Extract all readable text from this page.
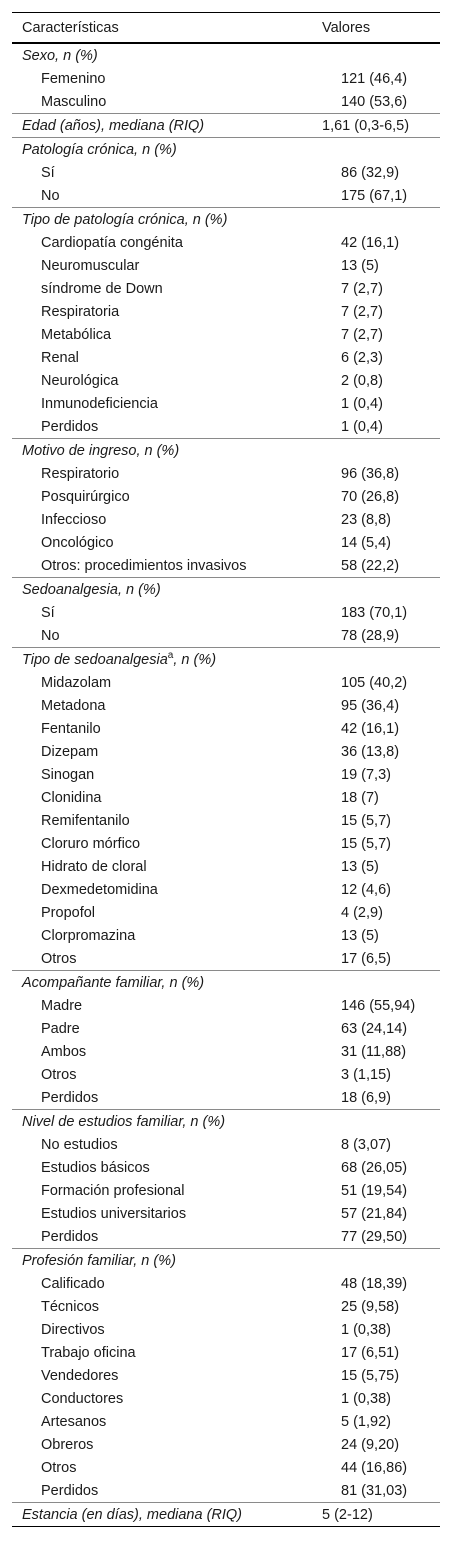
Características	Valores
Sexo, n (%)
Femenino	121 (46,4)
Masculino	140 (53,6)
Edad (años), mediana (RIQ)	1,61 (0,3-6,5)
Patología crónica, n (%)
Sí	86 (32,9)
No	175 (67,1)
Tipo de patología crónica, n (%)
Cardiopatía congénita	42 (16,1)
Neuromuscular	13 (5)
síndrome de Down	7 (2,7)
Respiratoria	7 (2,7)
Metabólica	7 (2,7)
Renal	6 (2,3)
Neurológica	2 (0,8)
Inmunodeficiencia	1 (0,4)
Perdidos	1 (0,4)
Motivo de ingreso, n (%)
Respiratorio	96 (36,8)
Posquirúrgico	70 (26,8)
Infeccioso	23 (8,8)
Oncológico	14 (5,4)
Otros: procedimientos invasivos	58 (22,2)
Sedoanalgesia, n (%)
Sí	183 (70,1)
No	78 (28,9)
Tipo de sedoanalgesia$^a$, n (%)
Midazolam	105 (40,2)
Metadona	95 (36,4)
Fentanilo	42 (16,1)
Dizepam	36 (13,8)
Sinogan	19 (7,3)
Clonidina	18 (7)
Remifentanilo	15 (5,7)
Cloruro mórfico	15 (5,7)
Hidrato de cloral	13 (5)
Dexmedetomidina	12 (4,6)
Propofol	4 (2,9)
Clorpromazina	13 (5)
Otros	17 (6,5)
Acompañante familiar, n (%)
Madre	146 (55,94)
Padre	63 (24,14)
Ambos	31 (11,88)
Otros	3 (1,15)
Perdidos	18 (6,9)
Nivel de estudios familiar, n (%)
No estudios	8 (3,07)
Estudios básicos	68 (26,05)
Formación profesional	51 (19,54)
Estudios universitarios	57 (21,84)
Perdidos	77 (29,50)
Profesión familiar, n (%)
Calificado	48 (18,39)
Técnicos	25 (9,58)
Directivos	1 (0,38)
Trabajo oficina	17 (6,51)
Vendedores	15 (5,75)
Conductores	1 (0,38)
Artesanos	5 (1,92)
Obreros	24 (9,20)
Otros	44 (16,86)
Perdidos	81 (31,03)
Estancia (en días), mediana (RIQ)	5 (2-12)
